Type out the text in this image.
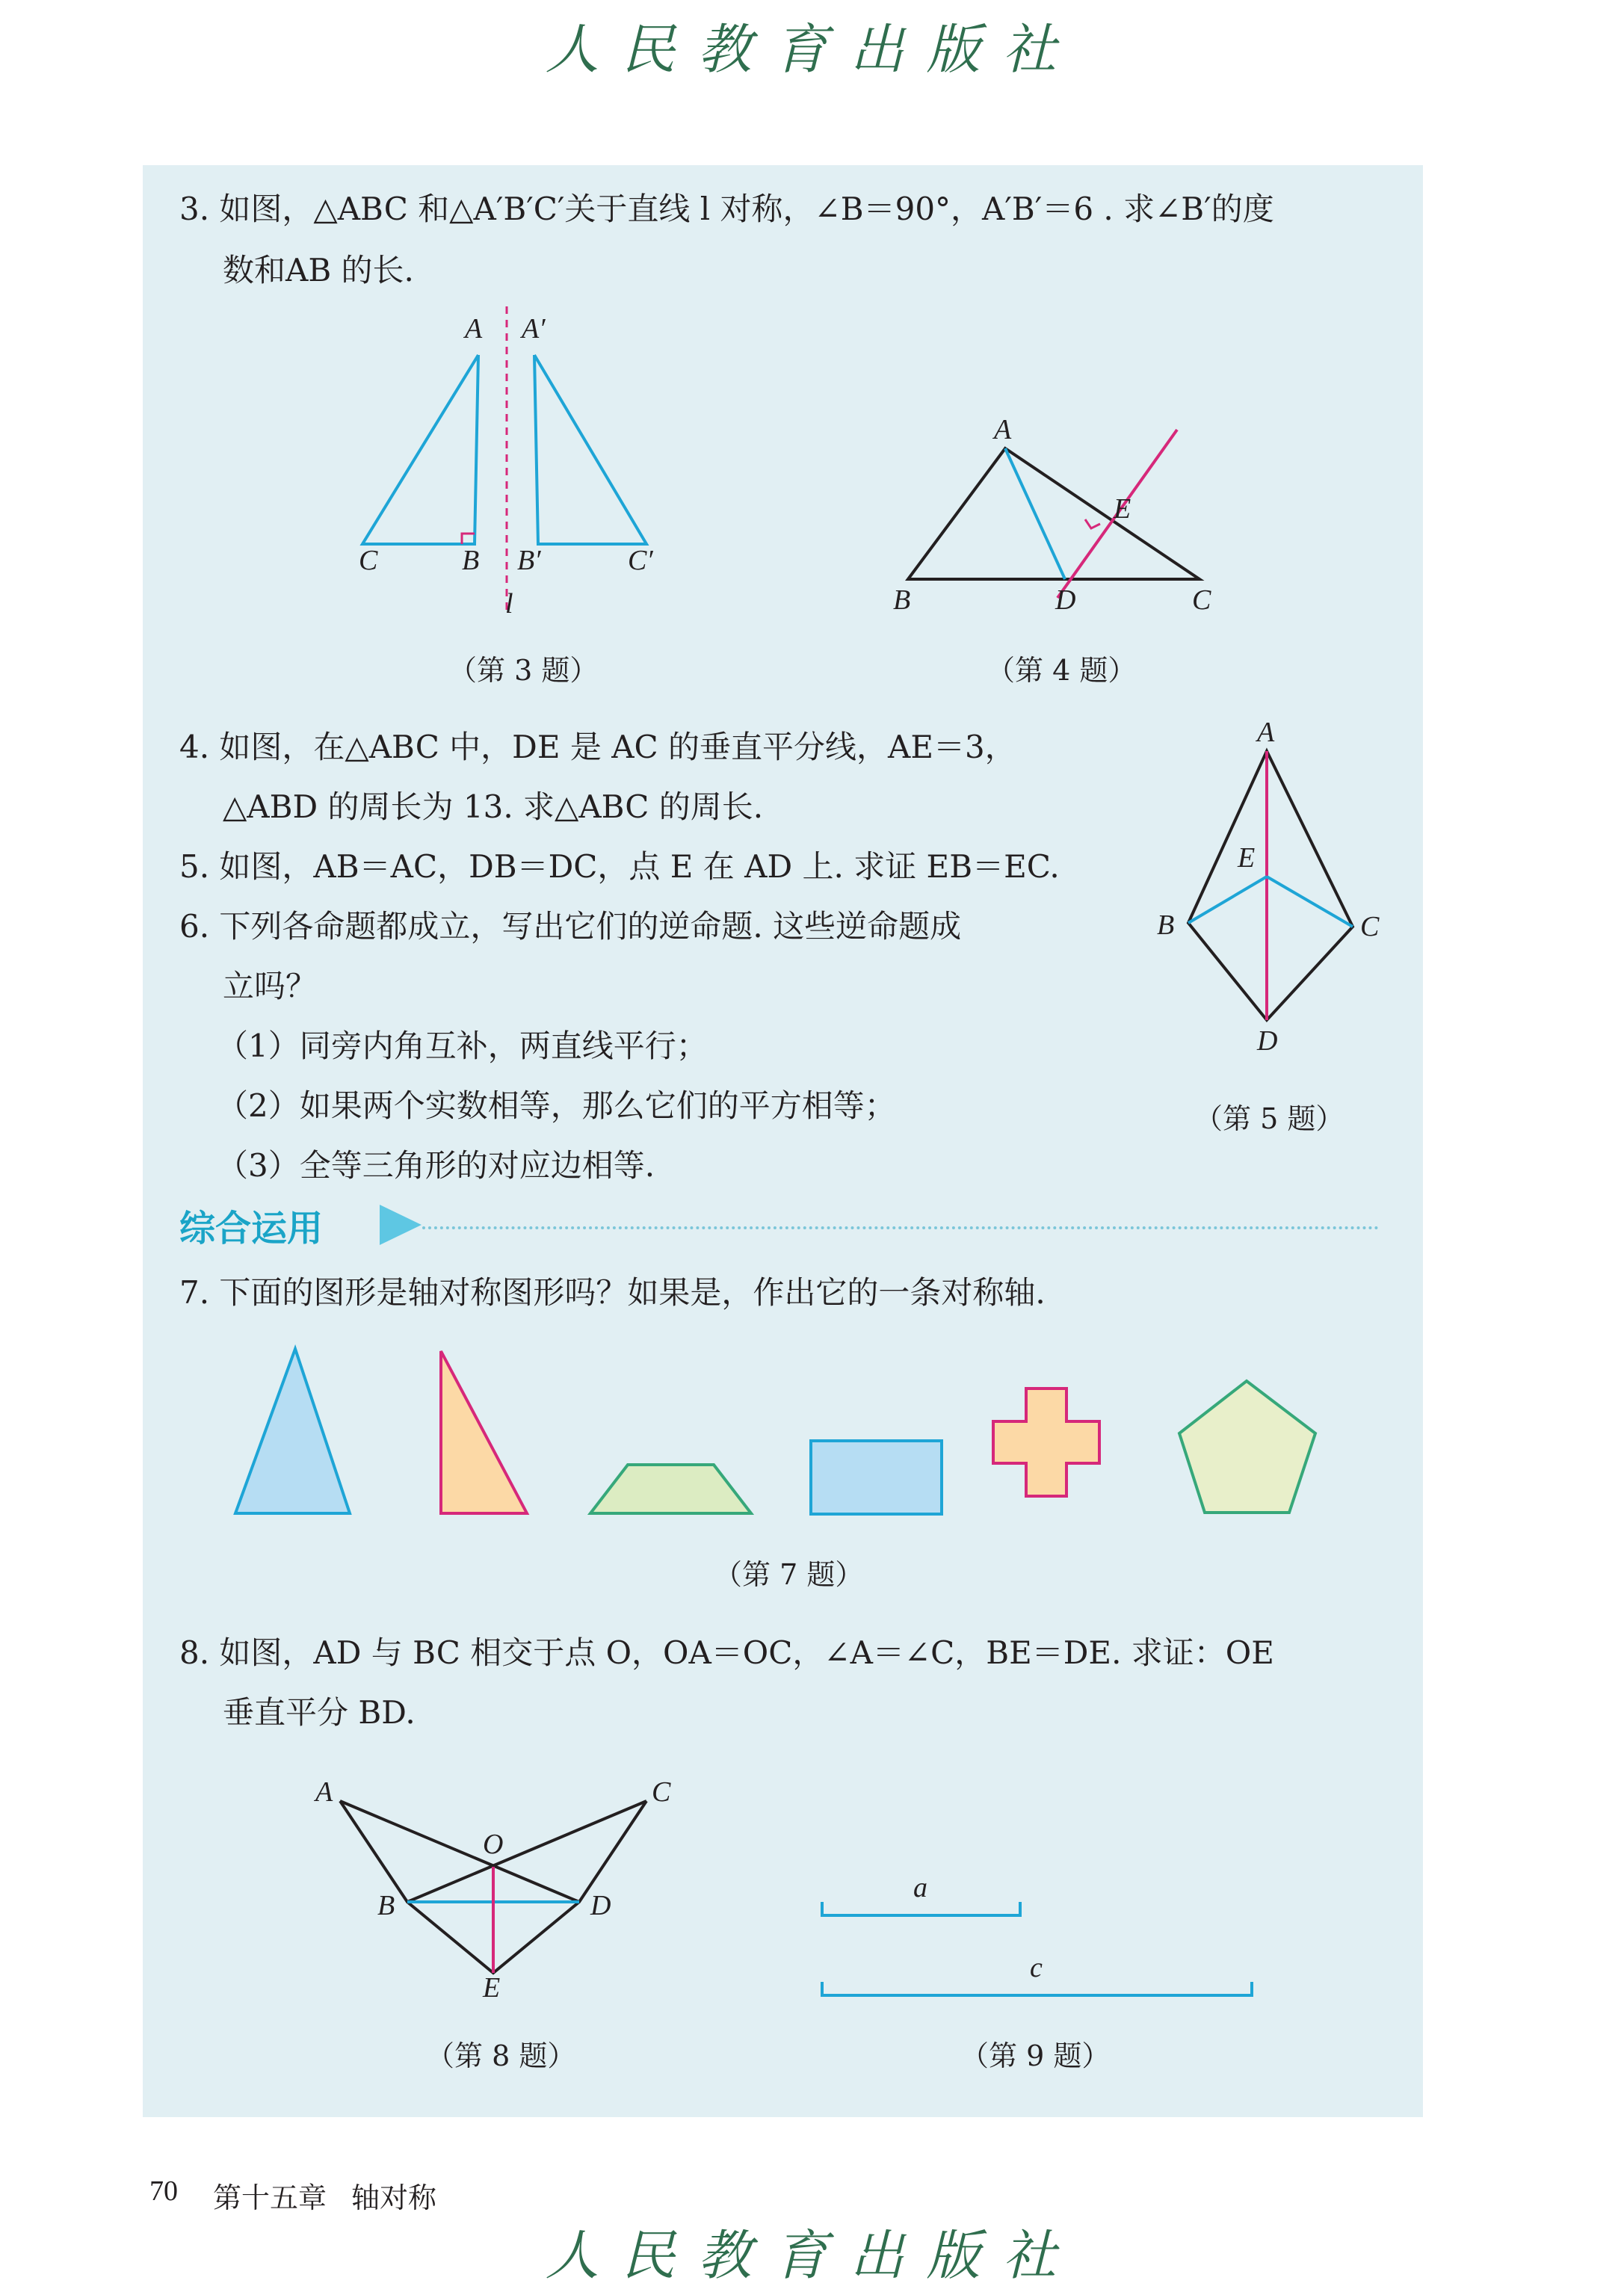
人民教育出版社
3. 如图，△ABC 和△A′B′C′关于直线 l 对称，∠B＝90°，A′B′＝6 . 求∠B′的度
数和AB 的长.
A
C	B
A′
B′	C′
l
（第 3 题）
A
B	D	C
E
（第 4 题）
4. 如图，在△ABC 中，DE 是 AC 的垂直平分线，AE＝3，
△ABD 的周长为 13. 求△ABC 的周长.
5. 如图，AB＝AC，DB＝DC，点 E 在 AD 上. 求证 EB＝EC.
6. 下列各命题都成立，写出它们的逆命题. 这些逆命题成
立吗？
（1）同旁内角互补，两直线平行；
（2）如果两个实数相等，那么它们的平方相等；
（3）全等三角形的对应边相等.
A
B	C
D
E
（第 5 题）
综合运用
7. 下面的图形是轴对称图形吗？如果是，作出它的一条对称轴.
（第 7 题）
8. 如图，AD 与 BC 相交于点 O，OA＝OC，∠A＝∠C，BE＝DE. 求证：OE
垂直平分 BD.
A	C
O
B	D
E
（第 8 题）
a
c
（第 9 题）
70 第十五章 轴对称
人民教育出版社
